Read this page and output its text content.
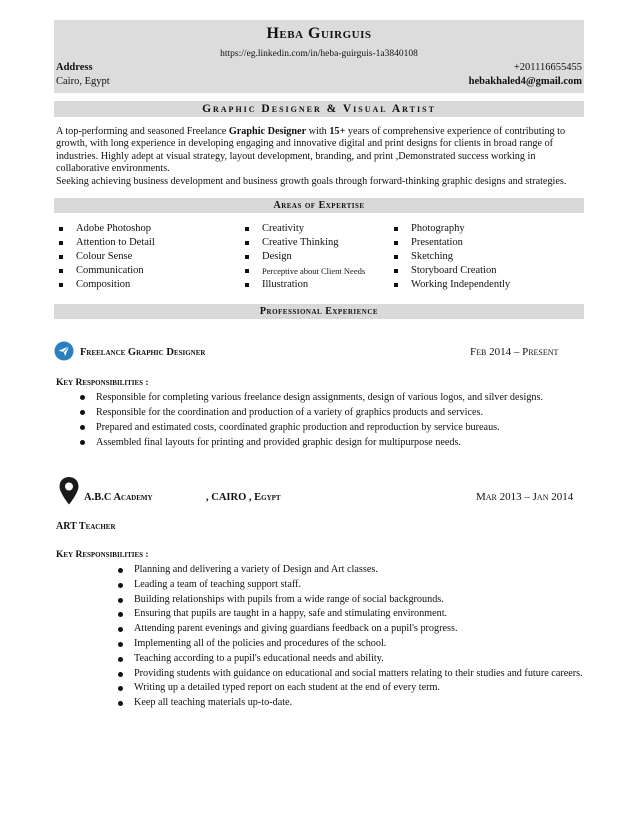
Heba Guirguis
https://eg.linkedin.com/in/heba-guirguis-1a3840108
Address
Cairo, Egypt
+201116655455
hebakhaled4@gmail.com
Graphic Designer & Visual Artist

A top-performing and seasoned Freelance Graphic Designer with 15+ years of comprehensive experience of contributing to growth, with long experience in developing engaging and innovative digital and print designs for clients in broad range of industries. Highly adept at visual strategy, layout development, branding, and print ,Demonstrated success working in collaborative environments.

Seeking achieving business development and business growth goals through forward-thinking graphic designs and strategies.

Areas of Expertise
Adobe Photoshop
Attention to Detail
Colour Sense
Communication
Composition
Creativity
Creative Thinking
Design
Perceptive about Client Needs
Illustration
Photography
Presentation
Sketching
Storyboard Creation
Working Independently
Professional Experience
Freelance Graphic Designer	Feb 2014 – Present
Key Responsibilities :
Responsible for completing various freelance design assignments, design of various logos, and silver designs.
Responsible for the coordination and production of a variety of graphics products and services.
Prepared and estimated costs, coordinated graphic production and reproduction by service bureaus.
Assembled final layouts for printing and provided graphic design for multipurpose needs.
A.B.C Academy	, CAIRO , Egypt	Mar 2013 – Jan 2014
ART Teacher
Key Responsibilities :
Planning and delivering a variety of Design and Art classes.
Leading a team of teaching support staff.
Building relationships with pupils from a wide range of social backgrounds.
Ensuring that pupils are taught in a happy, safe and stimulating environment.
Attending parent evenings and giving guardians feedback on a pupil's progress.
Implementing all of the policies and procedures of the school.
Teaching according to a pupil's educational needs and ability.
Providing students with guidance on educational and social matters relating to their studies and future careers.
Writing up a detailed typed report on each student at the end of every term.
Keep all teaching materials up-to-date.
